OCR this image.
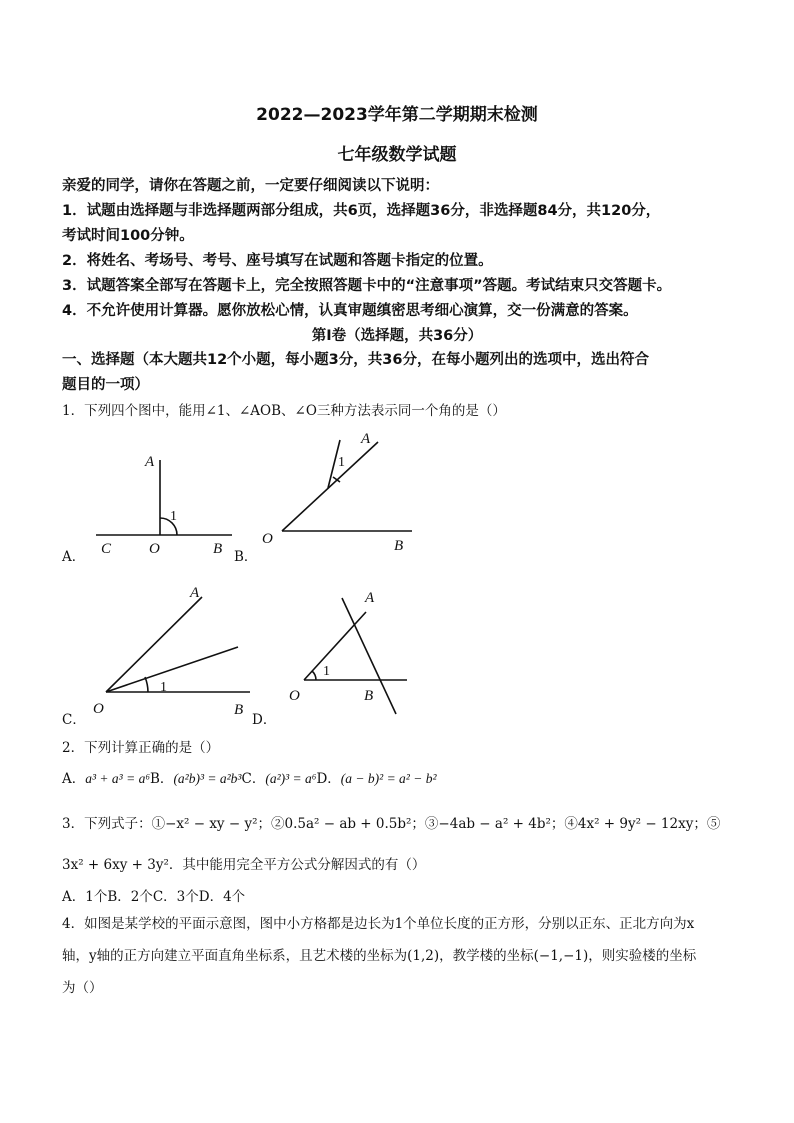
2022—2023学年第二学期期末检测
七年级数学试题
亲爱的同学，请你在答题之前，一定要仔细阅读以下说明：
1．试题由选择题与非选择题两部分组成，共6页，选择题36分，非选择题84分，共120分，
考试时间100分钟。
2．将姓名、考场号、考号、座号填写在试题和答题卡指定的位置。
3．试题答案全部写在答题卡上，完全按照答题卡中的“注意事项”答题。考试结束只交答题卡。
4．不允许使用计算器。愿你放松心情，认真审题缜密思考细心演算，交一份满意的答案。
第Ⅰ卷（选择题，共36分）
一、选择题（本大题共12个小题，每小题3分，共36分，在每小题列出的选项中，选出符合
题目的一项）
1．下列四个图中，能用∠1、∠AOB、∠O三种方法表示同一个角的是（）
A
1
C	O	B
A
1
O	B
A
1
O	B
A
1
O	B
A．	B．
C．	D．
2．下列计算正确的是（）
A．a³ + a³ = a⁶B．(a²b)³ = a²b³C．(a²)³ = a⁶D．(a − b)² = a² − b²
3．下列式子：①−x² − xy − y²；②0.5a² − ab + 0.5b²；③−4ab − a² + 4b²；④4x² + 9y² − 12xy；⑤
3x² + 6xy + 3y²．其中能用完全平方公式分解因式的有（）
A．1个B．2个C．3个D．4个
4．如图是某学校的平面示意图，图中小方格都是边长为1个单位长度的正方形，分别以正东、正北方向为x
轴，y轴的正方向建立平面直角坐标系，且艺术楼的坐标为(1,2)，教学楼的坐标(−1,−1)，则实验楼的坐标
为（）
